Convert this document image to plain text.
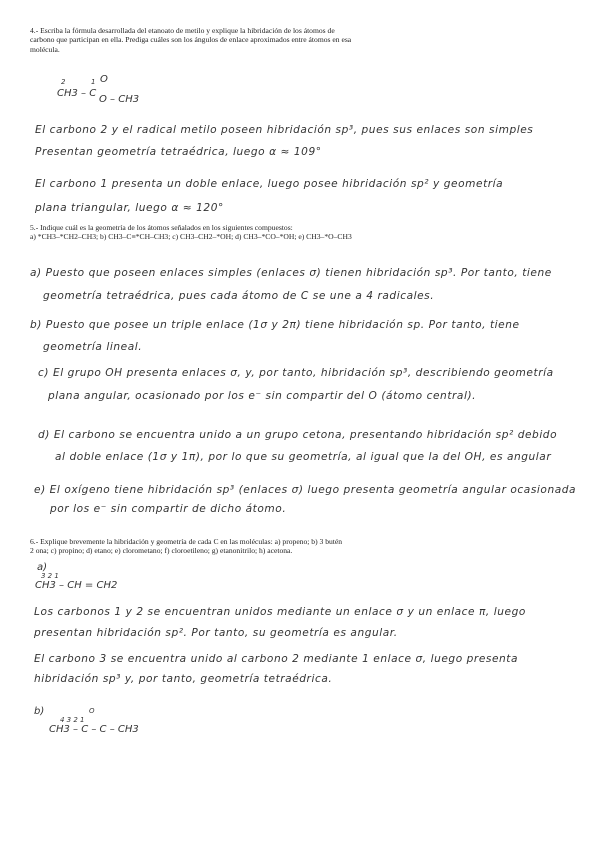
4.- Escriba la fórmula desarrollada del etanoato de metilo y explique la hibridación de los átomos de
carbono que participan en ella. Prediga cuáles son los ángulos de enlace aproximados entre átomos en esa
molécula.
2	1 O
CH3 – C
O – CH3
El carbono 2 y el radical metilo poseen hibridación sp³, pues sus enlaces son simples
Presentan geometría tetraédrica, luego α ≈ 109°
El carbono 1 presenta un doble enlace, luego posee hibridación sp² y geometría
plana triangular, luego α ≈ 120°
5.- Indique cuál es la geometría de los átomos señalados en los siguientes compuestos:
a) *CH3–*CH2–CH3; b) CH3–C≡*CH–CH3; c) CH3–CH2–*OH; d) CH3–*CO–*OH; e) CH3–*O–CH3
a) Puesto que poseen enlaces simples (enlaces σ) tienen hibridación sp³. Por tanto, tiene
geometría tetraédrica, pues cada átomo de C se une a 4 radicales.
b) Puesto que posee un triple enlace (1σ y 2π) tiene hibridación sp. Por tanto, tiene
geometría lineal.
c) El grupo OH presenta enlaces σ, y, por tanto, hibridación sp³, describiendo geometría
plana angular, ocasionado por los e⁻ sin compartir del O (átomo central).
d) El carbono se encuentra unido a un grupo cetona, presentando hibridación sp² debido
al doble enlace (1σ y 1π), por lo que su geometría, al igual que la del OH, es angular
e) El oxígeno tiene hibridación sp³ (enlaces σ) luego presenta geometría angular ocasionada
por los e⁻ sin compartir de dicho átomo.
6.- Explique brevemente la hibridación y geometría de cada C en las moléculas: a) propeno; b) 3 butén
2 ona; c) propino; d) etano; e) clorometano; f) cloroetileno; g) etanonitrilo; h) acetona.
a)
3 2 1
CH3 – CH = CH2
Los carbonos 1 y 2 se encuentran unidos mediante un enlace σ y un enlace π, luego
presentan hibridación sp². Por tanto, su geometría es angular.
El carbono 3 se encuentra unido al carbono 2 mediante 1 enlace σ, luego presenta
hibridación sp³ y, por tanto, geometría tetraédrica.
b)	O
4 3 2 1
CH3 – C – C – CH3
